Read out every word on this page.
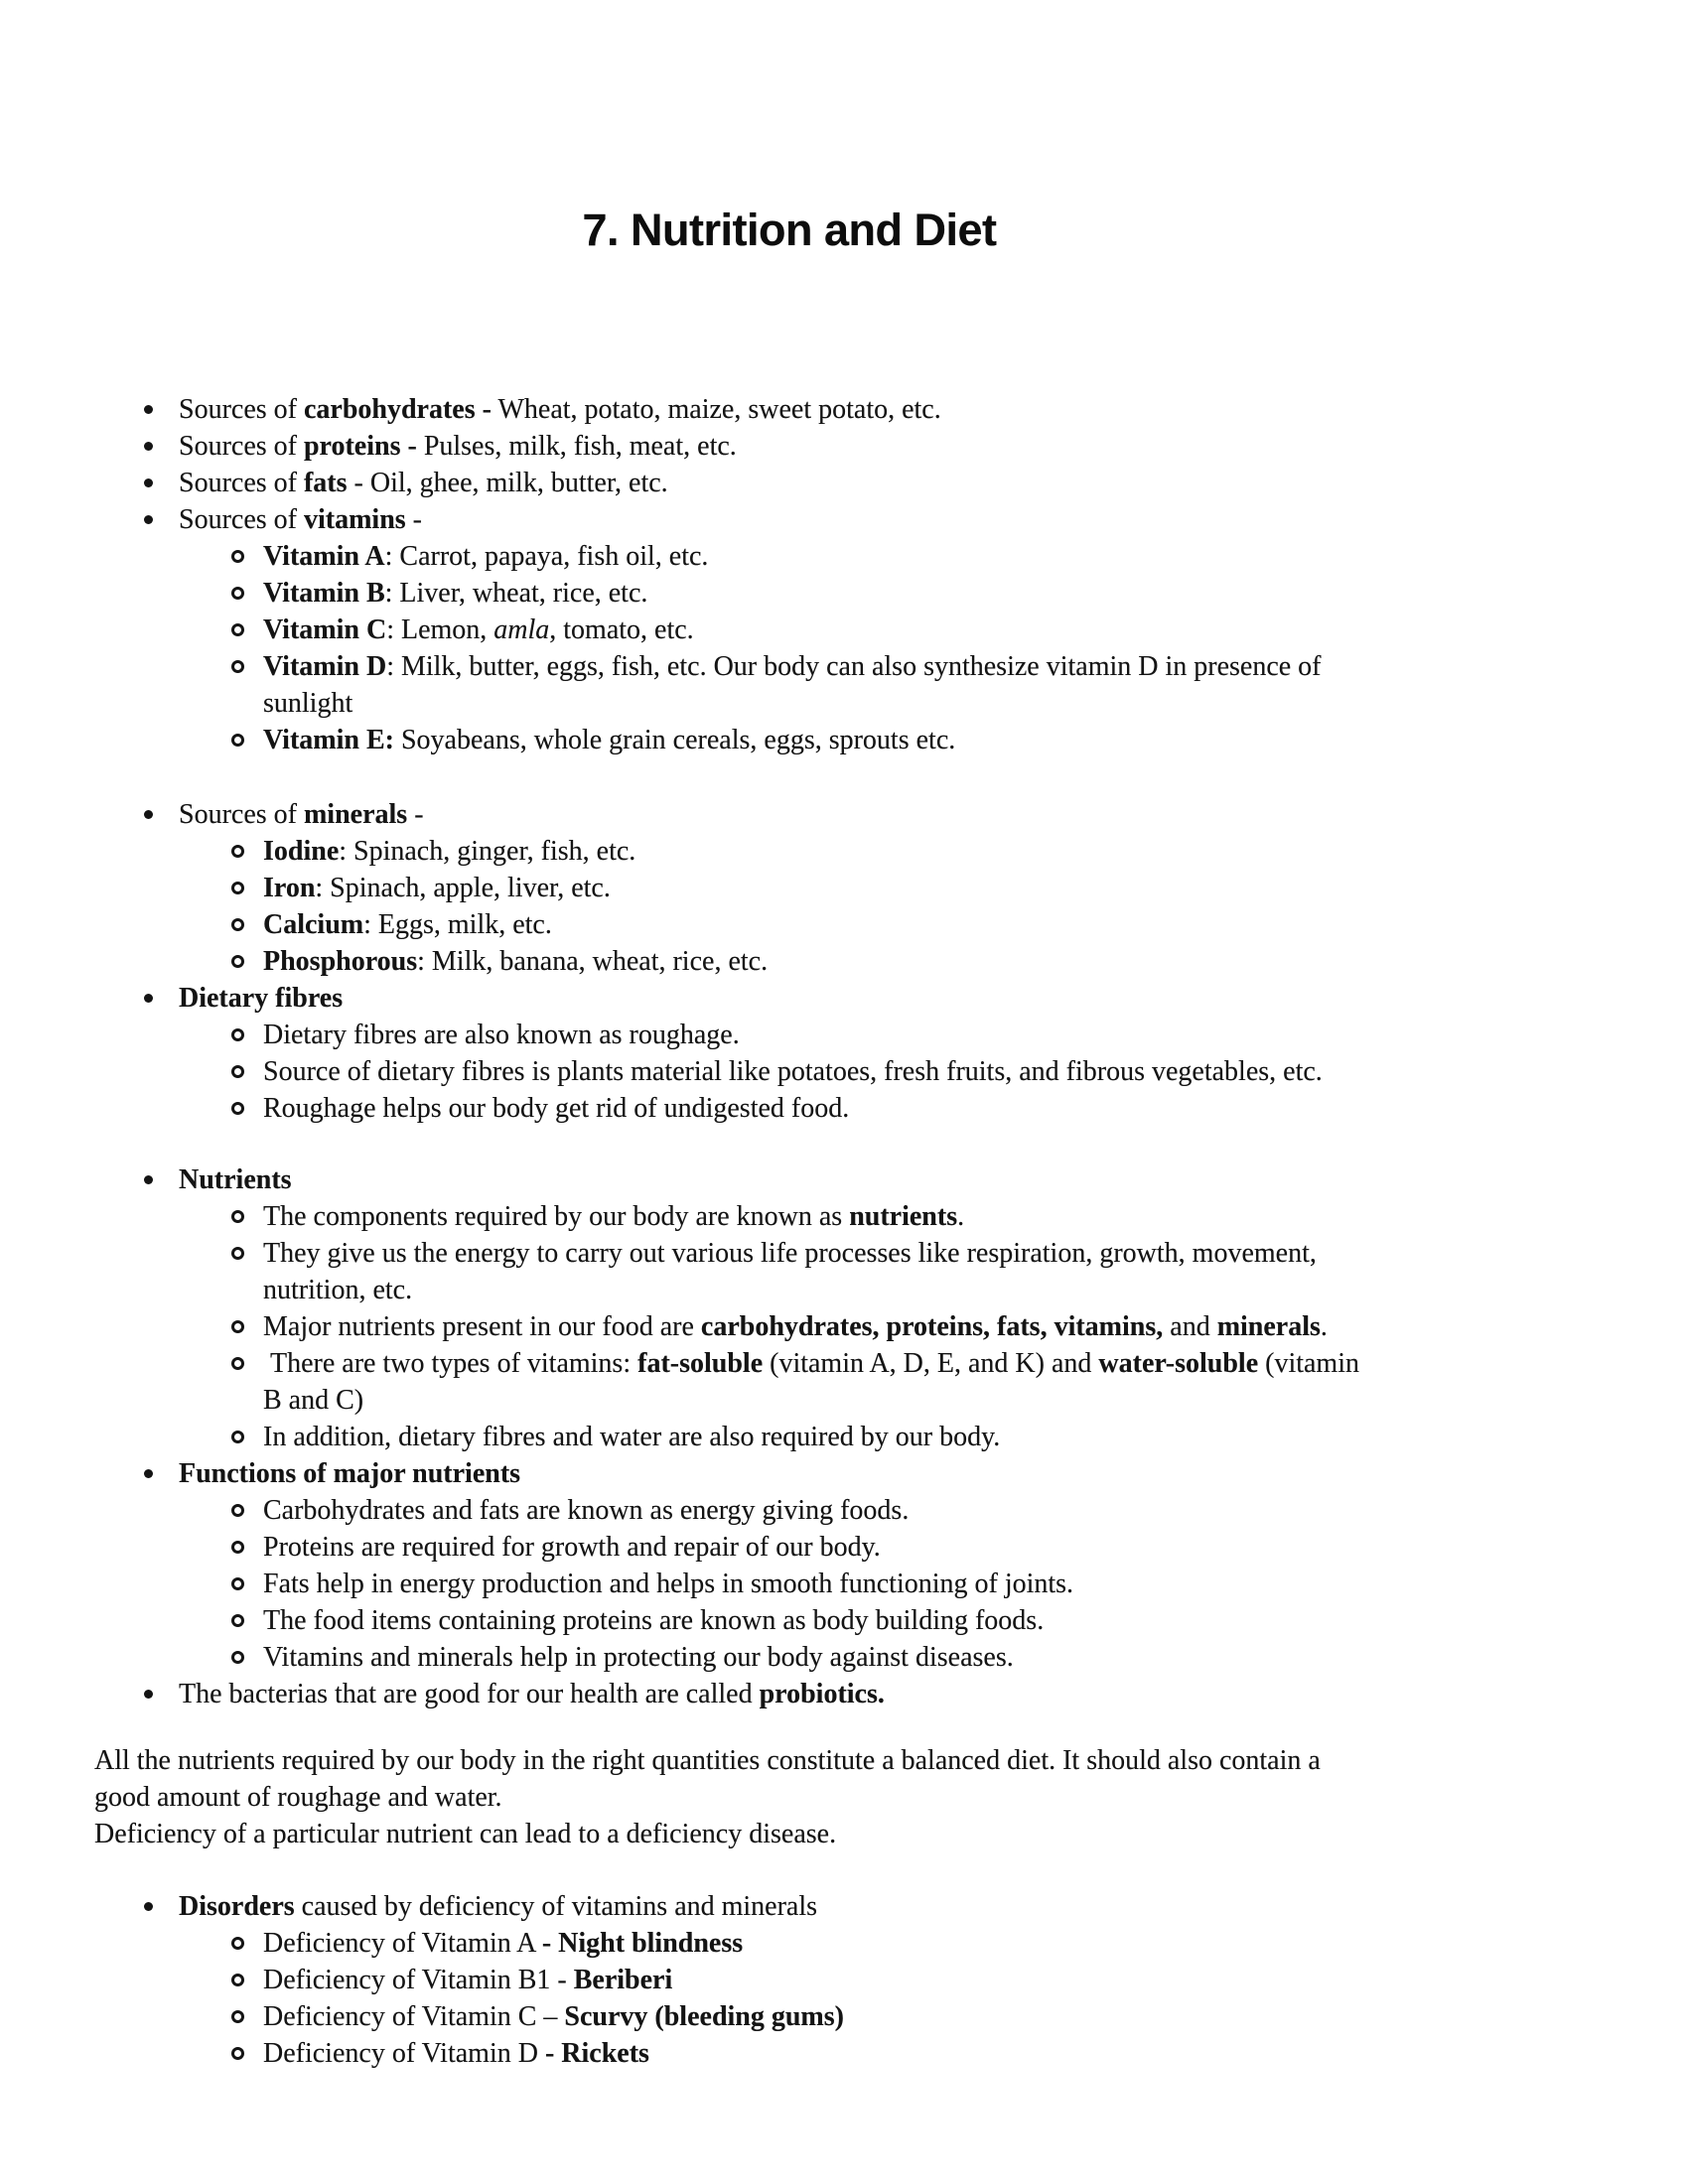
7. Nutrition and Diet
Sources of carbohydrates - Wheat, potato, maize, sweet potato, etc.
Sources of proteins - Pulses, milk, fish, meat, etc.
Sources of fats - Oil, ghee, milk, butter, etc.
Sources of vitamins -
Vitamin A: Carrot, papaya, fish oil, etc.
Vitamin B: Liver, wheat, rice, etc.
Vitamin C: Lemon, amla, tomato, etc.
Vitamin D: Milk, butter, eggs, fish, etc. Our body can also synthesize vitamin D in presence of
sunlight
Vitamin E: Soyabeans, whole grain cereals, eggs, sprouts etc.
Sources of minerals -
Iodine: Spinach, ginger, fish, etc.
Iron: Spinach, apple, liver, etc.
Calcium: Eggs, milk, etc.
Phosphorous: Milk, banana, wheat, rice, etc.
Dietary fibres
Dietary fibres are also known as roughage.
Source of dietary fibres is plants material like potatoes, fresh fruits, and fibrous vegetables, etc.
Roughage helps our body get rid of undigested food.
Nutrients
The components required by our body are known as nutrients.
They give us the energy to carry out various life processes like respiration, growth, movement,
nutrition, etc.
Major nutrients present in our food are carbohydrates, proteins, fats, vitamins, and minerals.
There are two types of vitamins: fat-soluble (vitamin A, D, E, and K) and water-soluble (vitamin
B and C)
In addition, dietary fibres and water are also required by our body.
Functions of major nutrients
Carbohydrates and fats are known as energy giving foods.
Proteins are required for growth and repair of our body.
Fats help in energy production and helps in smooth functioning of joints.
The food items containing proteins are known as body building foods.
Vitamins and minerals help in protecting our body against diseases.
The bacterias that are good for our health are called probiotics.
All the nutrients required by our body in the right quantities constitute a balanced diet. It should also contain a
good amount of roughage and water.
Deficiency of a particular nutrient can lead to a deficiency disease.
Disorders caused by deficiency of vitamins and minerals
Deficiency of Vitamin A - Night blindness
Deficiency of Vitamin B1 - Beriberi
Deficiency of Vitamin C – Scurvy (bleeding gums)
Deficiency of Vitamin D - Rickets
